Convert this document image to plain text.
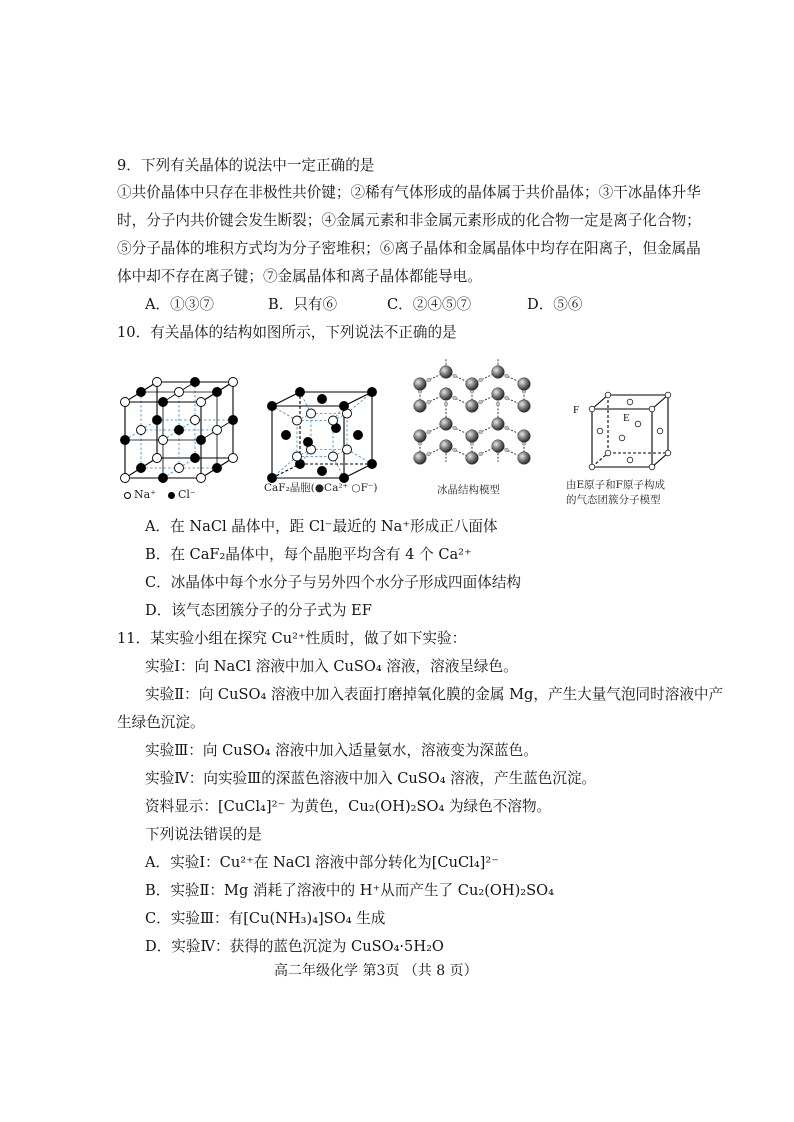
9．下列有关晶体的说法中一定正确的是
①共价晶体中只存在非极性共价键；②稀有气体形成的晶体属于共价晶体；③干冰晶体升华
时，分子内共价键会发生断裂；④金属元素和非金属元素形成的化合物一定是离子化合物；
⑤分子晶体的堆积方式均为分子密堆积；⑥离子晶体和金属晶体中均存在阳离子，但金属晶
体中却不存在离子键；⑦金属晶体和离子晶体都能导电。
A．①③⑦	B．只有⑥	C．②④⑤⑦	D．⑤⑥
10．有关晶体的结构如图所示，下列说法不正确的是
Na⁺ Cl⁻	CaF₂晶胞(●Ca²⁺ ○F⁻)	冰晶结构模型
F
E
由E原子和F原子构成
的气态团簇分子模型
A．在 NaCl 晶体中，距 Cl⁻最近的 Na⁺形成正八面体
B．在 CaF₂晶体中，每个晶胞平均含有 4 个 Ca²⁺
C．冰晶体中每个水分子与另外四个水分子形成四面体结构
D．该气态团簇分子的分子式为 EF
11．某实验小组在探究 Cu²⁺性质时，做了如下实验：
实验Ⅰ：向 NaCl 溶液中加入 CuSO₄ 溶液，溶液呈绿色。
实验Ⅱ：向 CuSO₄ 溶液中加入表面打磨掉氧化膜的金属 Mg，产生大量气泡同时溶液中产
生绿色沉淀。
实验Ⅲ：向 CuSO₄ 溶液中加入适量氨水，溶液变为深蓝色。
实验Ⅳ：向实验Ⅲ的深蓝色溶液中加入 CuSO₄ 溶液，产生蓝色沉淀。
资料显示：[CuCl₄]²⁻ 为黄色，Cu₂(OH)₂SO₄ 为绿色不溶物。
下列说法错误的是
A．实验Ⅰ：Cu²⁺在 NaCl 溶液中部分转化为[CuCl₄]²⁻
B．实验Ⅱ：Mg 消耗了溶液中的 H⁺从而产生了 Cu₂(OH)₂SO₄
C．实验Ⅲ：有[Cu(NH₃)₄]SO₄ 生成
D．实验Ⅳ：获得的蓝色沉淀为 CuSO₄·5H₂O
高二年级化学 第3页 （共 8 页）
